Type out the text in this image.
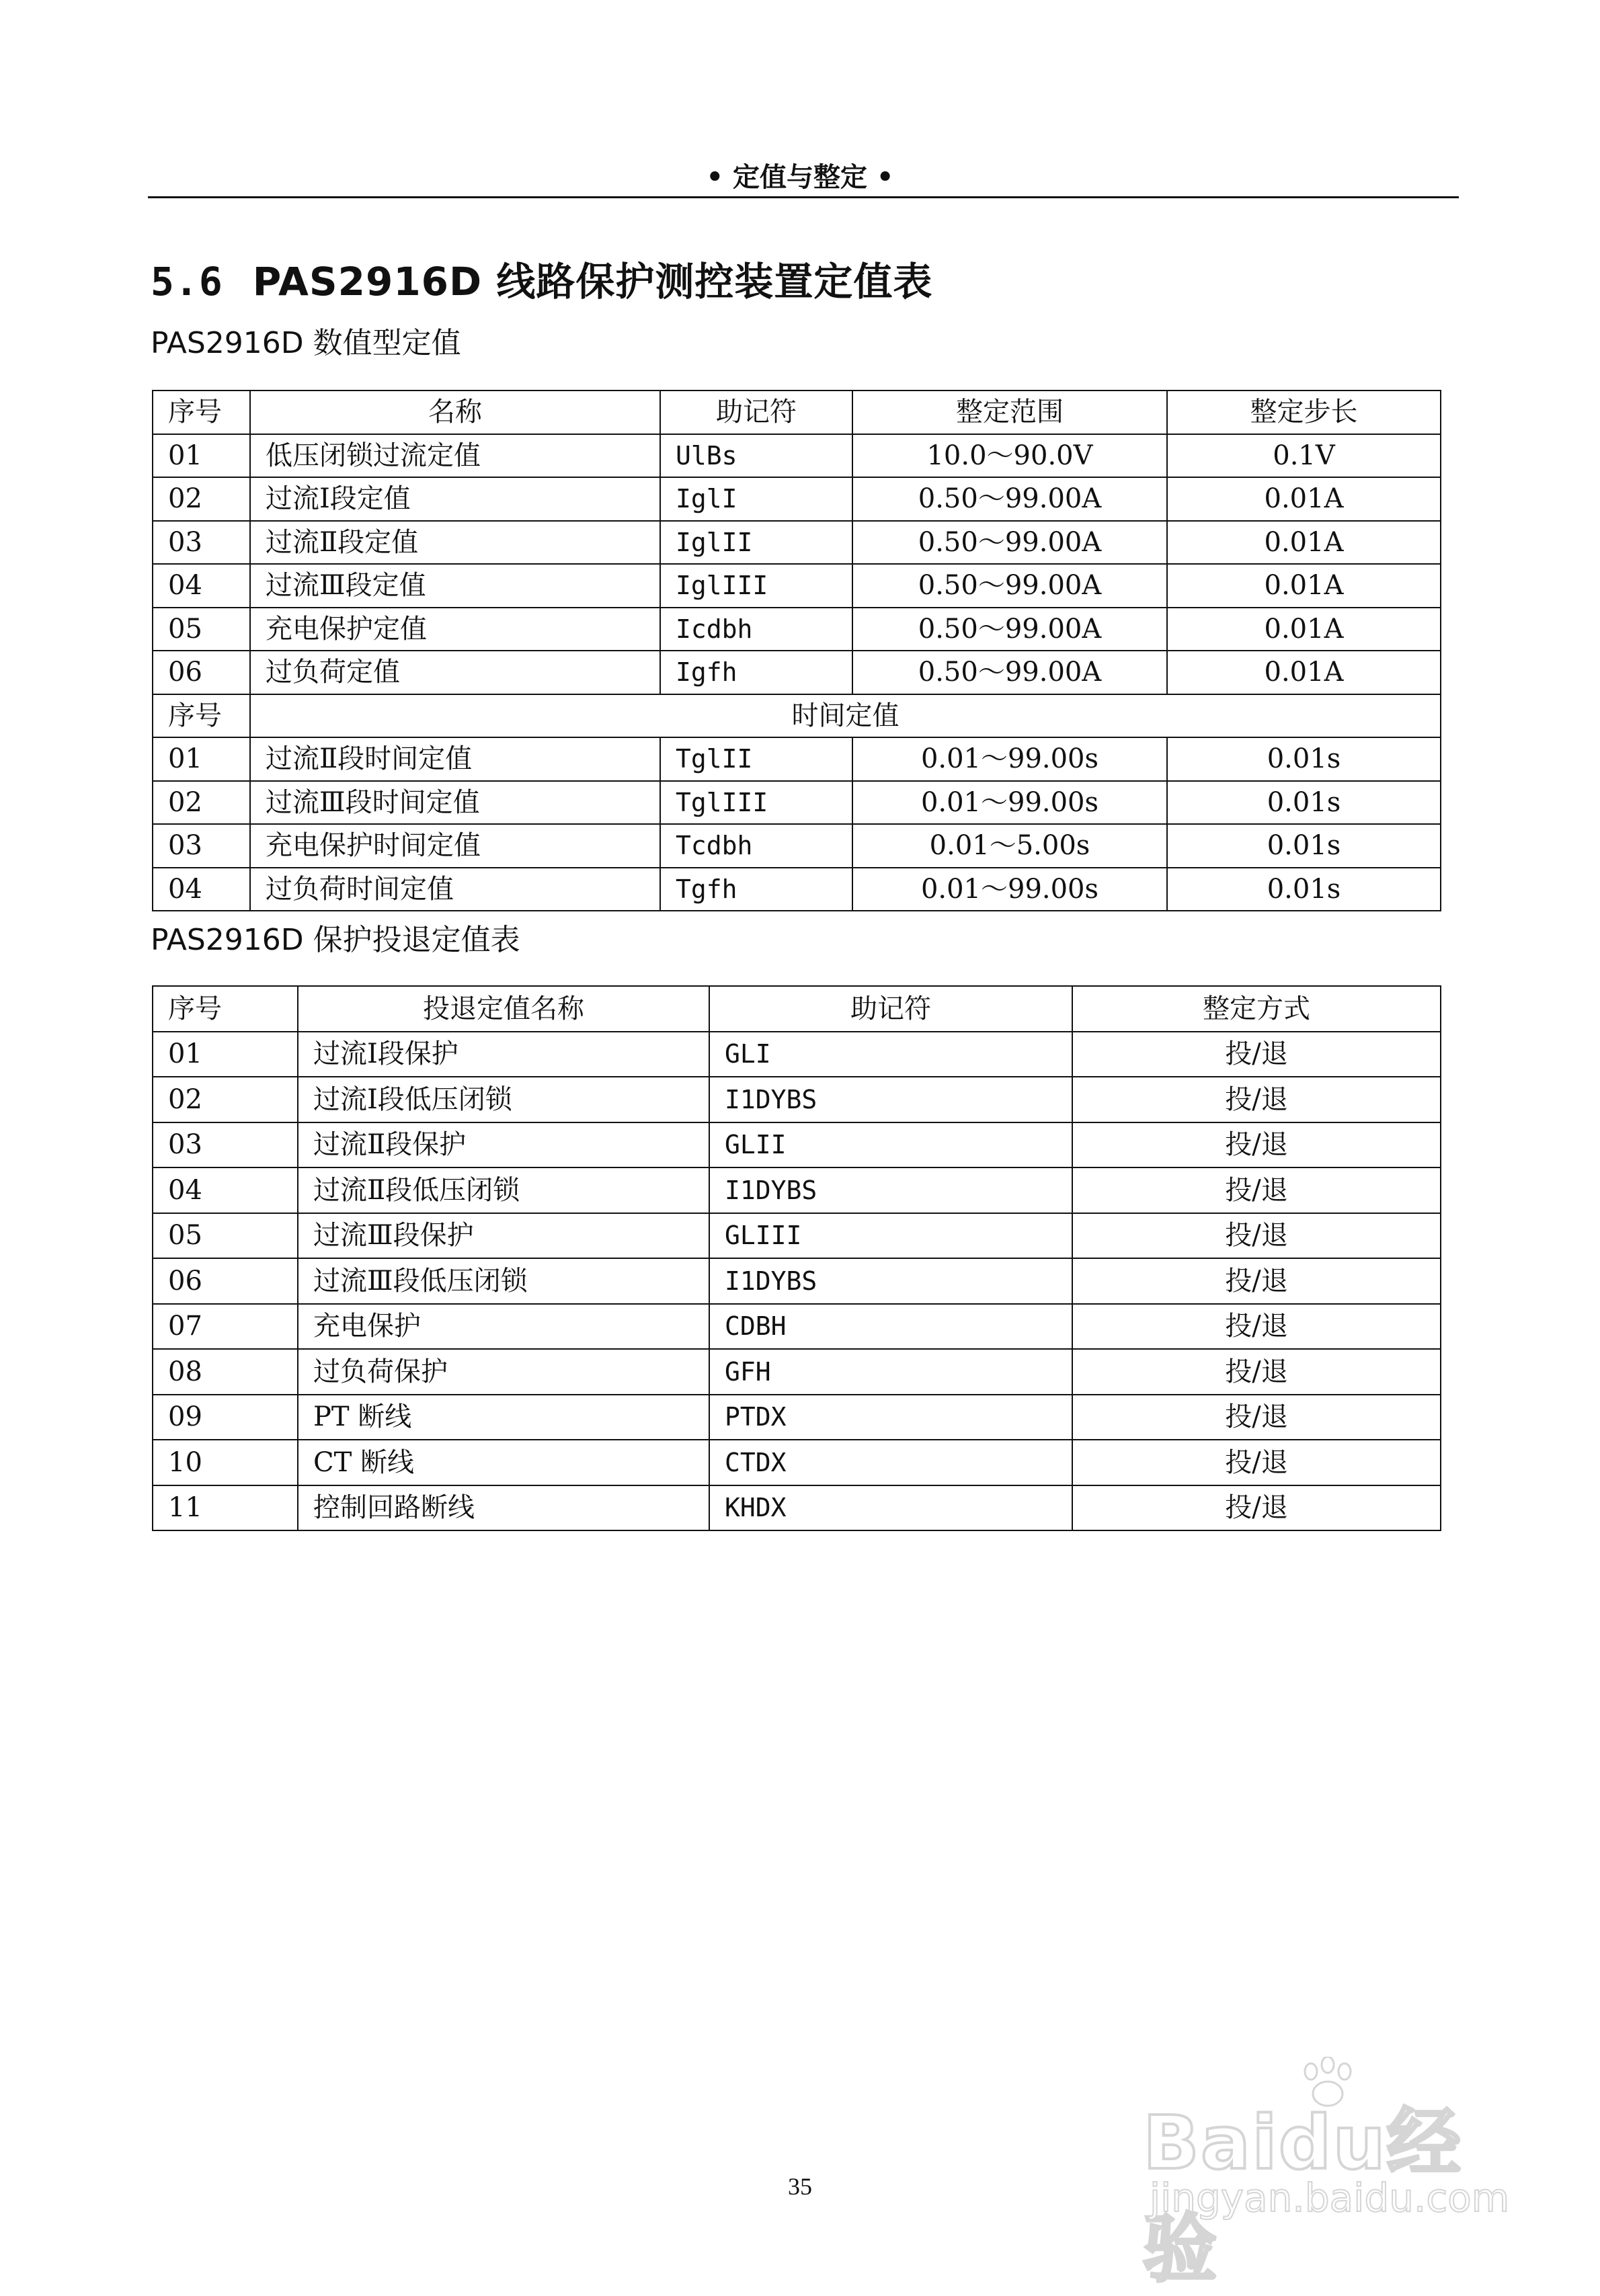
• 定值与整定 •
5.6 PAS2916D 线路保护测控装置定值表
PAS2916D 数值型定值
序号	名称	助记符	整定范围	整定步长
01	低压闭锁过流定值	UlBs	10.0～90.0V	0.1V
02	过流Ⅰ段定值	IglI	0.50～99.00A	0.01A
03	过流Ⅱ段定值	IglII	0.50～99.00A	0.01A
04	过流Ⅲ段定值	IglIII	0.50～99.00A	0.01A
05	充电保护定值	Icdbh	0.50～99.00A	0.01A
06	过负荷定值	Igfh	0.50～99.00A	0.01A
序号	时间定值			
01	过流Ⅱ段时间定值	TglII	0.01～99.00s	0.01s
02	过流Ⅲ段时间定值	TglIII	0.01～99.00s	0.01s
03	充电保护时间定值	Tcdbh	0.01～5.00s	0.01s
04	过负荷时间定值	Tgfh	0.01～99.00s	0.01s
PAS2916D 保护投退定值表
序号	投退定值名称	助记符	整定方式
01	过流Ⅰ段保护	GLI	投/退
02	过流Ⅰ段低压闭锁	I1DYBS	投/退
03	过流Ⅱ段保护	GLII	投/退
04	过流Ⅱ段低压闭锁	I1DYBS	投/退
05	过流Ⅲ段保护	GLIII	投/退
06	过流Ⅲ段低压闭锁	I1DYBS	投/退
07	充电保护	CDBH	投/退
08	过负荷保护	GFH	投/退
09	PT 断线	PTDX	投/退
10	CT 断线	CTDX	投/退
11	控制回路断线	KHDX	投/退
35
Baidu经验
jingyan.baidu.com
